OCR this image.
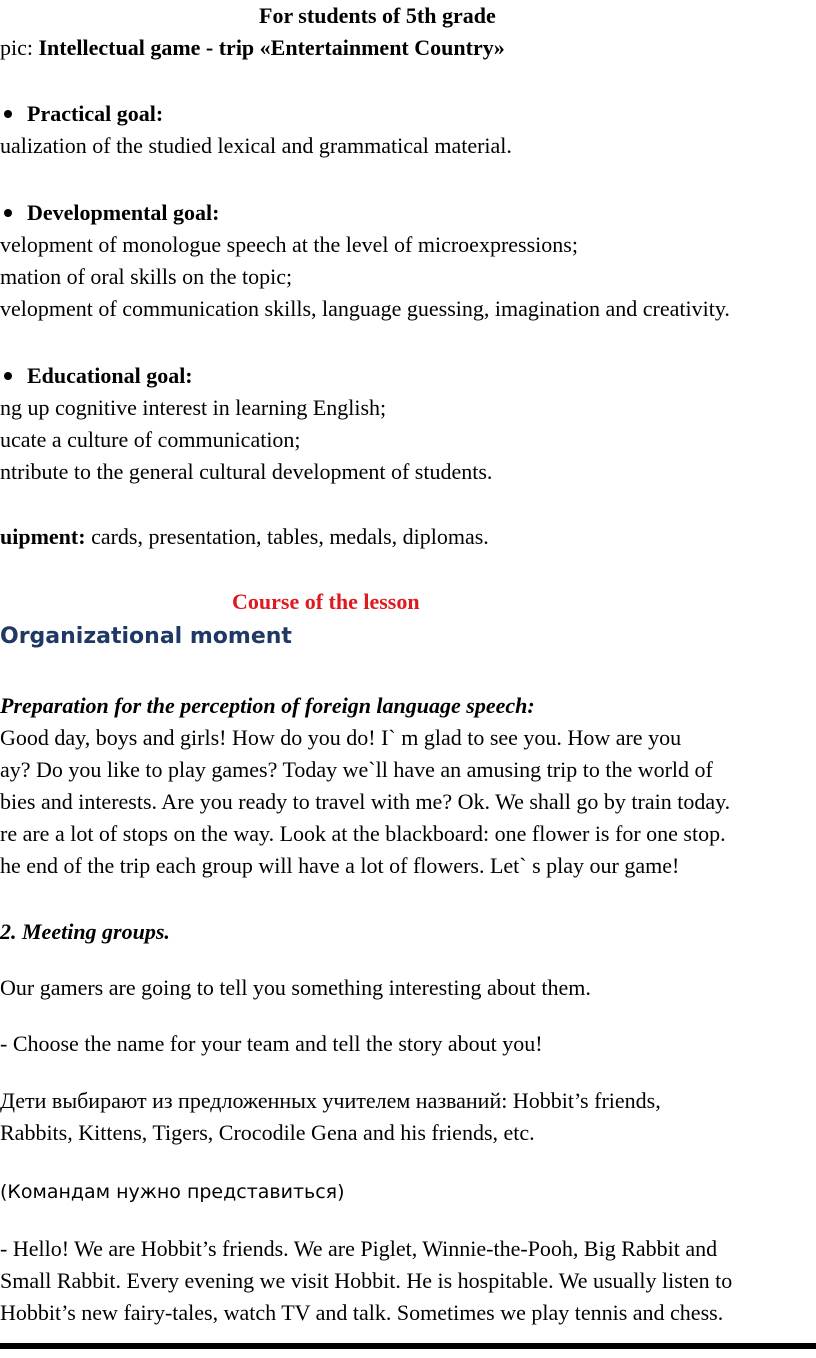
For students of 5th grade
pic: Intellectual game - trip «Entertainment Country»
Practical goal:
ualization of the studied lexical and grammatical material.
Developmental goal:
velopment of monologue speech at the level of microexpressions;
mation of oral skills on the topic;
velopment of communication skills, language guessing, imagination and creativity.
Educational goal:
ng up cognitive interest in learning English;
ucate a culture of communication;
ntribute to the general cultural development of students.
uipment: cards, presentation, tables, medals, diplomas.
Course of the lesson
Organizational moment
Preparation for the perception of foreign language speech:
Good day, boys and girls! How do you do! I` m glad to see you. How are you
ay? Do you like to play games? Today we`ll have an amusing trip to the world of
bies and interests. Are you ready to travel with me? Ok. We shall go by train today.
re are a lot of stops on the way. Look at the blackboard: one flower is for one stop.
he end of the trip each group will have a lot of flowers. Let` s play our game!
2. Meeting groups.
Our gamers are going to tell you something interesting about them.
- Choose the name for your team and tell the story about you!
Дети выбирают из предложенных учителем названий: Hobbit’s friends,
Rabbits, Kittens, Tigers, Crocodile Gena and his friends, etc.
(Командам нужно представиться)
- Hello! We are Hobbit’s friends. We are Piglet, Winnie-the-Pooh, Big Rabbit and
Small Rabbit. Every evening we visit Hobbit. He is hospitable. We usually listen to
Hobbit’s new fairy-tales, watch TV and talk. Sometimes we play tennis and chess.
